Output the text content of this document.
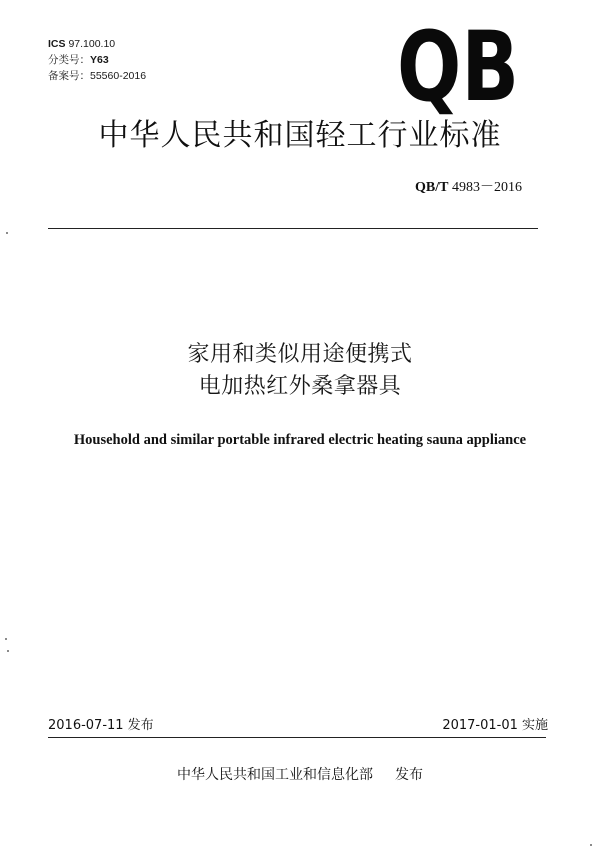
ICS 97.100.10
分类号：Y63
备案号：55560-2016	QB
中华人民共和国轻工行业标准
QB/T 4983－2016
家用和类似用途便携式
电加热红外桑拿器具
Household and similar portable infrared electric heating sauna appliance
2016-07-11 发布	2017-01-01 实施
中华人民共和国工业和信息化部 发布
